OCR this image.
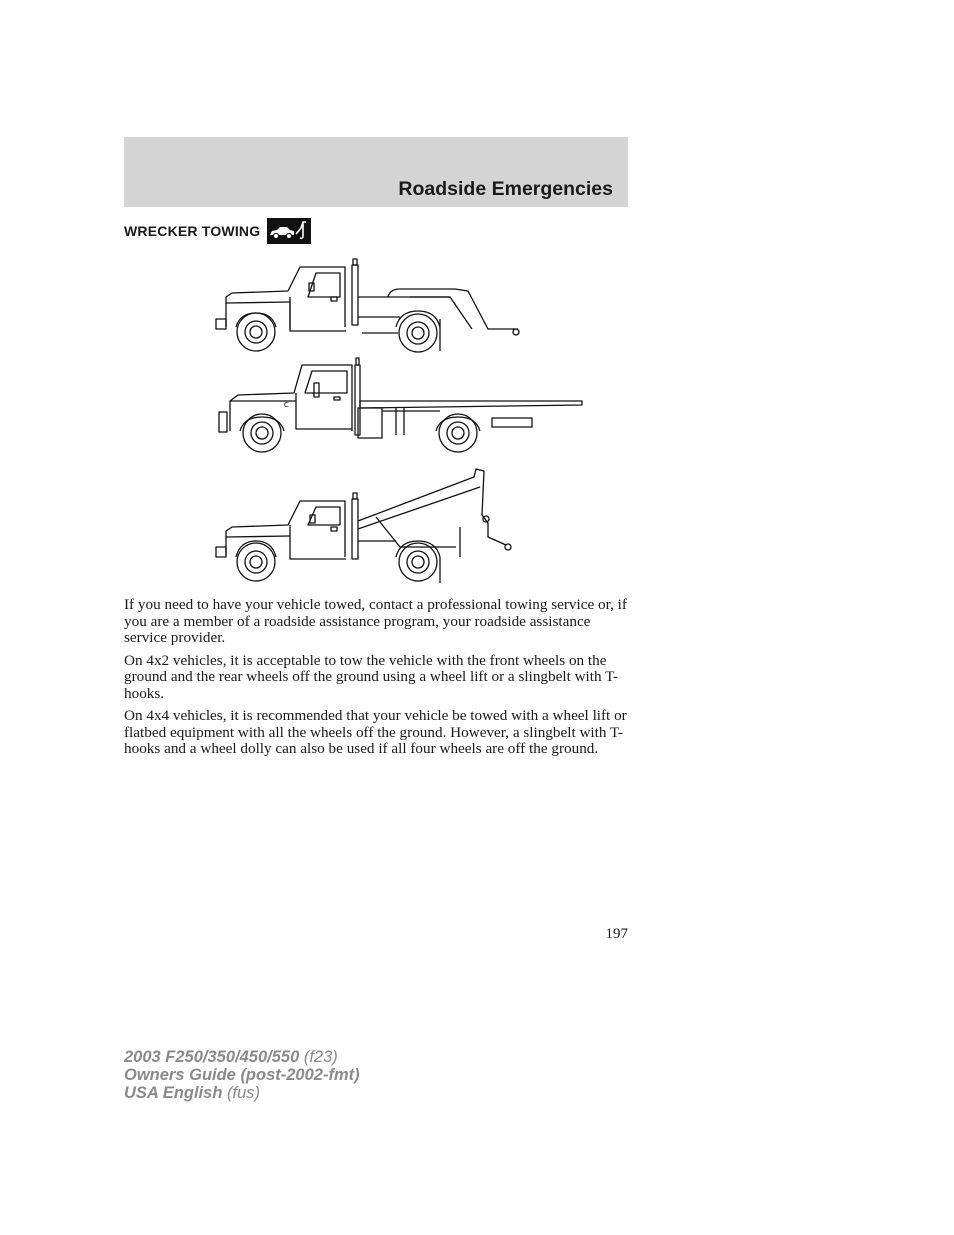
Roadside Emergencies
WRECKER TOWING
C

If you need to have your vehicle towed, contact a professional towing service or, if you are a member of a roadside assistance program, your roadside assistance service provider.

On 4x2 vehicles, it is acceptable to tow the vehicle with the front wheels on the ground and the rear wheels off the ground using a wheel lift or a slingbelt with T-hooks.

On 4x4 vehicles, it is recommended that your vehicle be towed with a wheel lift or flatbed equipment with all the wheels off the ground. However, a slingbelt with T-hooks and a wheel dolly can also be used if all four wheels are off the ground.

197
2003 F250/350/450/550 (f23)
Owners Guide (post-2002-fmt)
USA English (fus)
